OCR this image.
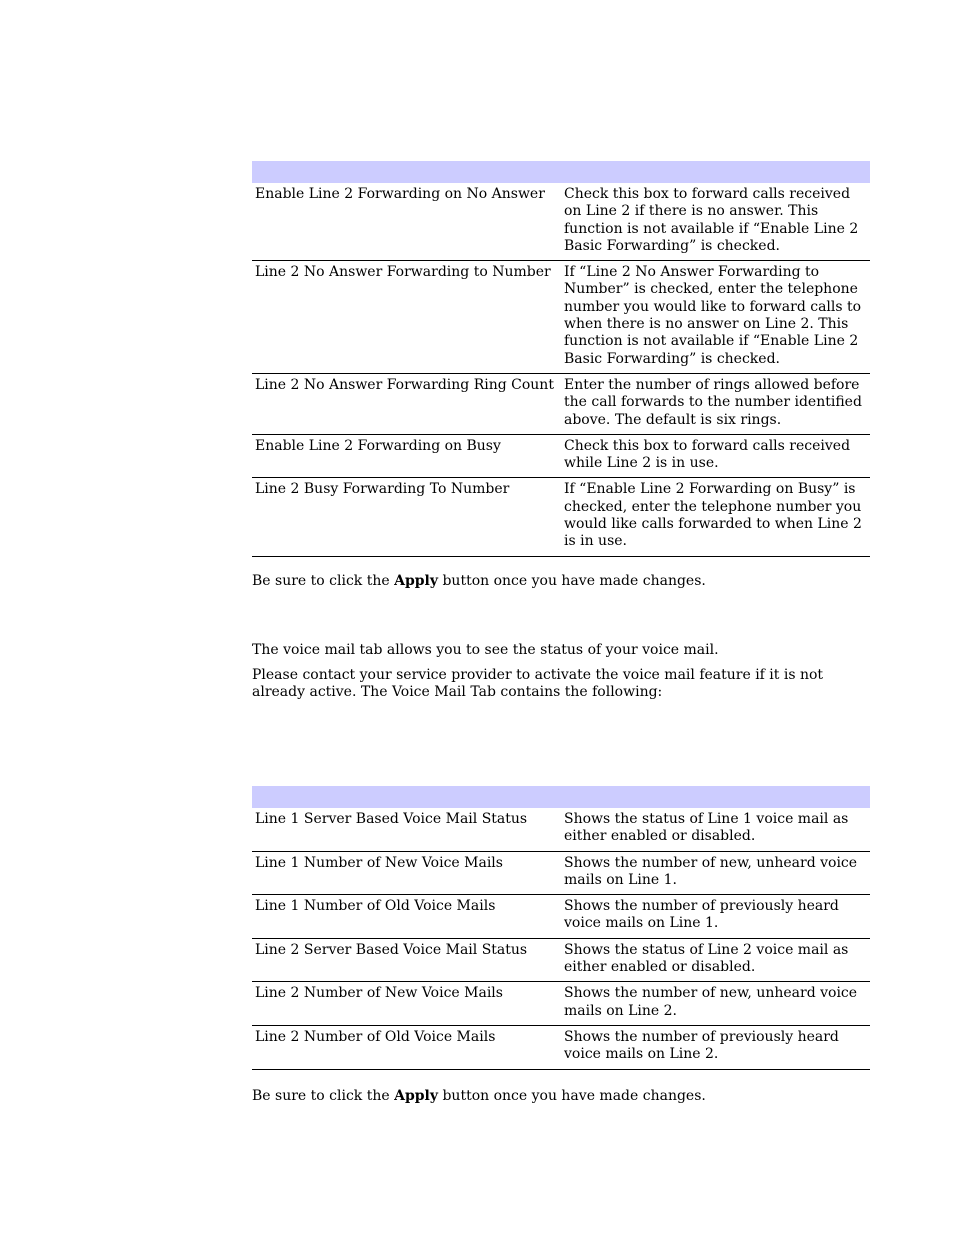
Enable Line 2 Forwarding on No Answer	Check this box to forward calls received on Line 2 if there is no answer. This function is not available if “Enable Line 2 Basic Forwarding” is checked.
Line 2 No Answer Forwarding to Number	If “Line 2 No Answer Forwarding to Number” is checked, enter the telephone number you would like to forward calls to when there is no answer on Line 2. This function is not available if “Enable Line 2 Basic Forwarding” is checked.
Line 2 No Answer Forwarding Ring Count	Enter the number of rings allowed before the call forwards to the number identified above. The default is six rings.
Enable Line 2 Forwarding on Busy	Check this box to forward calls received while Line 2 is in use.
Line 2 Busy Forwarding To Number	If “Enable Line 2 Forwarding on Busy” is checked, enter the telephone number you would like calls forwarded to when Line 2 is in use.

Be sure to click the Apply button once you have made changes.

The voice mail tab allows you to see the status of your voice mail.

Please contact your service provider to activate the voice mail feature if it is not already active. The Voice Mail Tab contains the following:

Line 1 Server Based Voice Mail Status	Shows the status of Line 1 voice mail as either enabled or disabled.
Line 1 Number of New Voice Mails	Shows the number of new, unheard voice mails on Line 1.
Line 1 Number of Old Voice Mails	Shows the number of previously heard voice mails on Line 1.
Line 2 Server Based Voice Mail Status	Shows the status of Line 2 voice mail as either enabled or disabled.
Line 2 Number of New Voice Mails	Shows the number of new, unheard voice mails on Line 2.
Line 2 Number of Old Voice Mails	Shows the number of previously heard voice mails on Line 2.

Be sure to click the Apply button once you have made changes.
